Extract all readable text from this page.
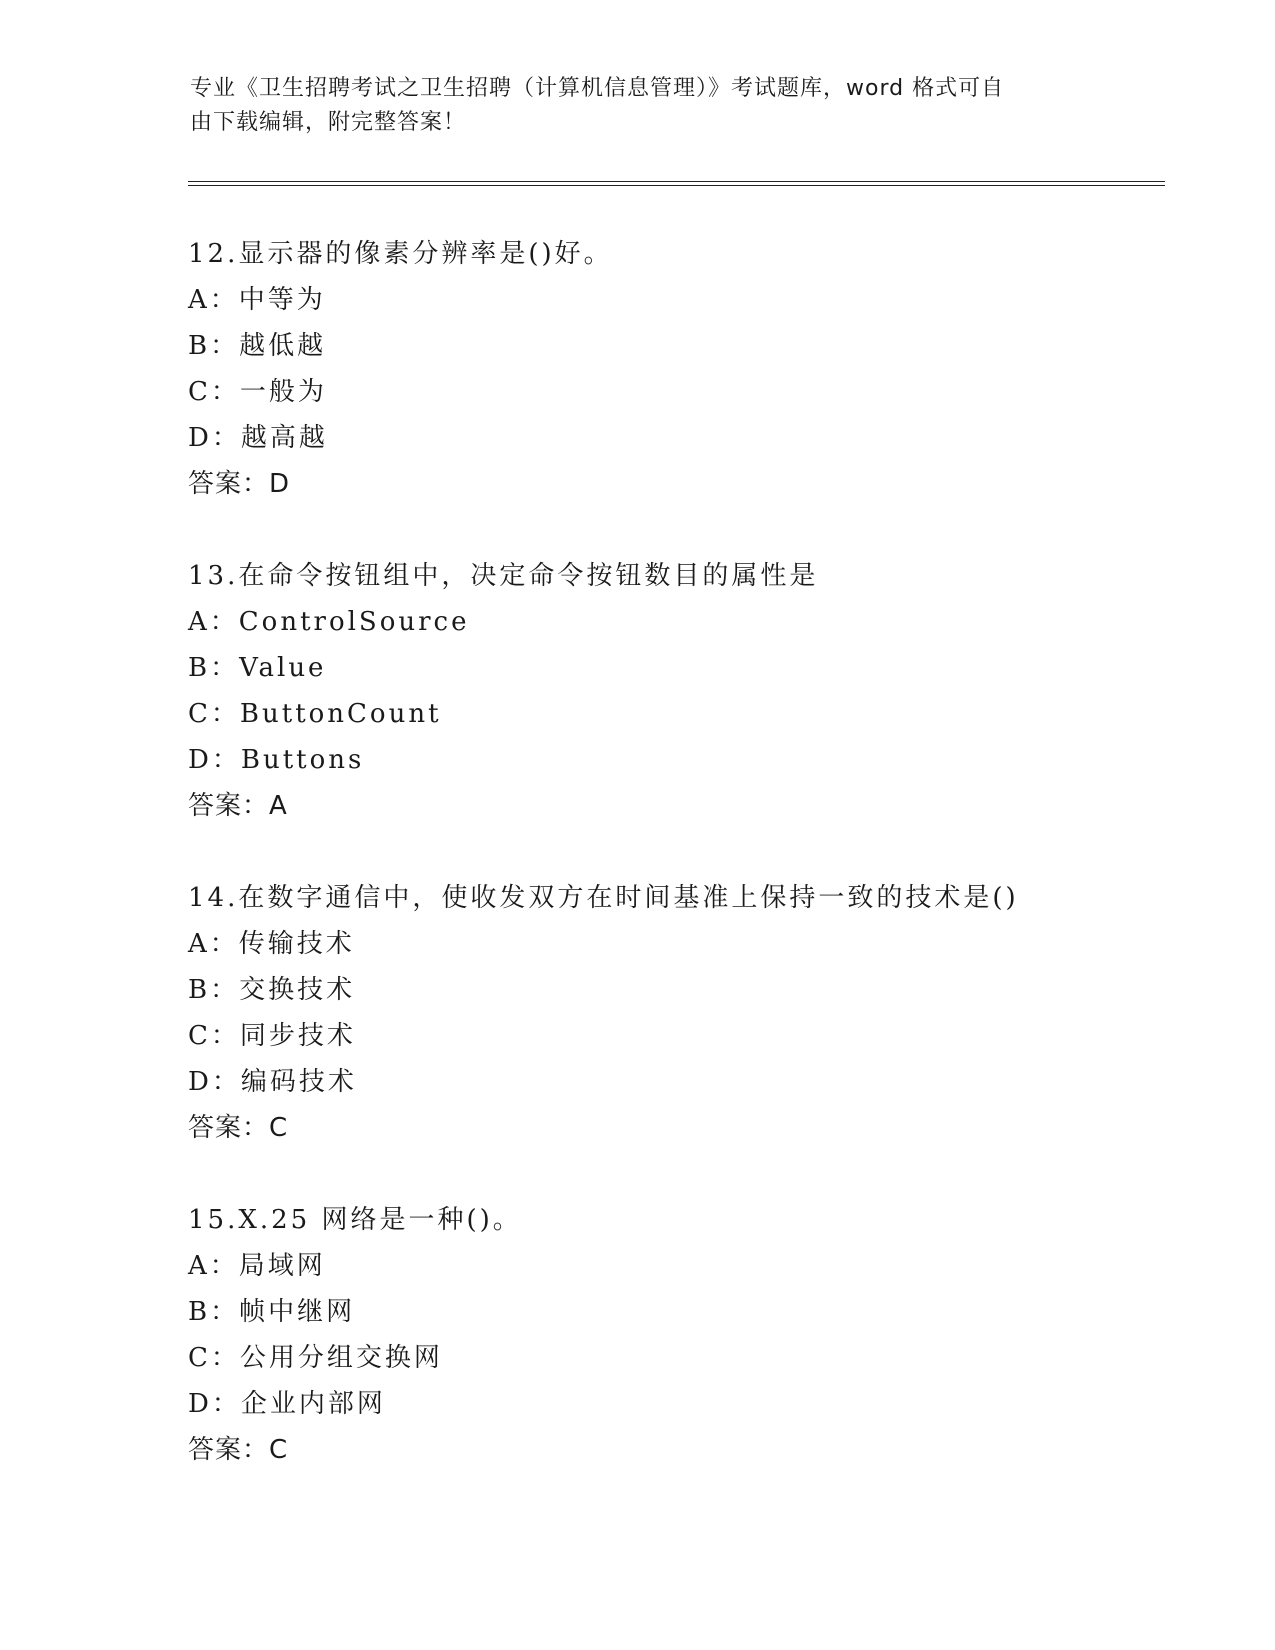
专业《卫生招聘考试之卫生招聘（计算机信息管理）》考试题库，word 格式可自
由下载编辑，附完整答案！
12.显示器的像素分辨率是()好。
A：中等为
B：越低越
C：一般为
D：越高越
答案：D
13.在命令按钮组中，决定命令按钮数目的属性是
A：ControlSource
B：Value
C：ButtonCount
D：Buttons
答案：A
14.在数字通信中，使收发双方在时间基准上保持一致的技术是()
A：传输技术
B：交换技术
C：同步技术
D：编码技术
答案：C
15.X.25 网络是一种()。
A：局域网
B：帧中继网
C：公用分组交换网
D：企业内部网
答案：C
